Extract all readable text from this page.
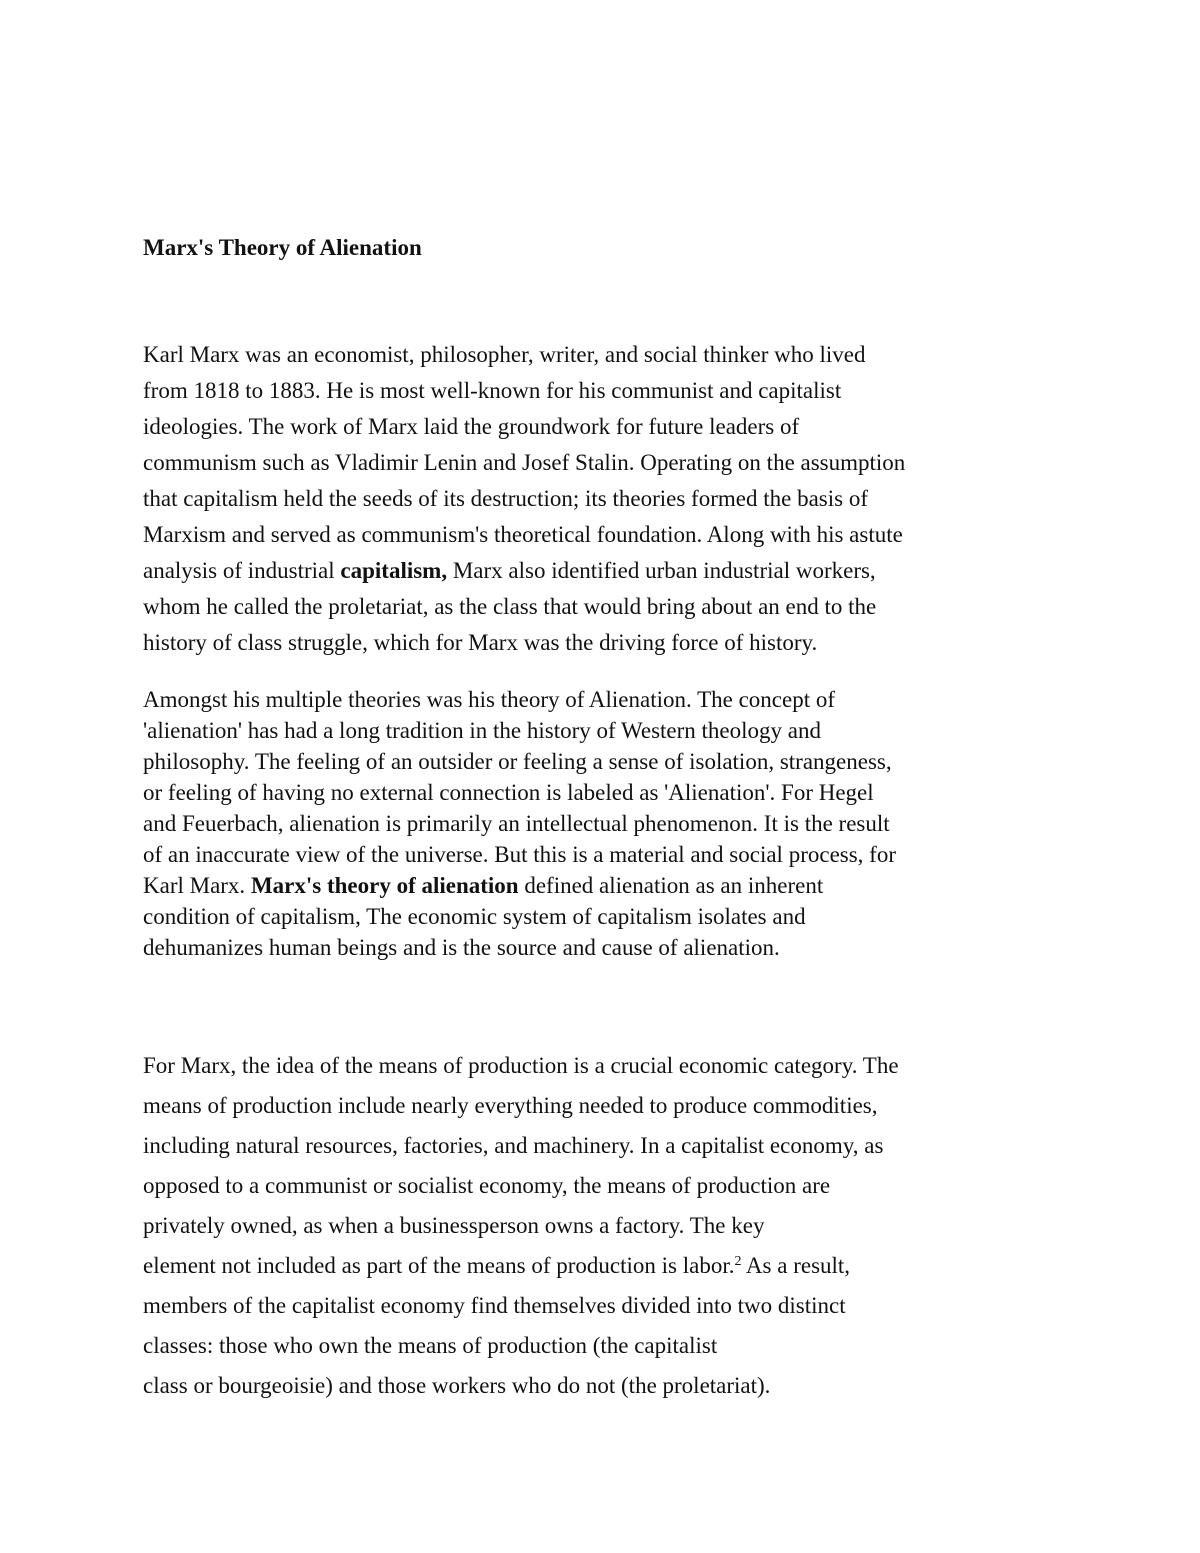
Marx's Theory of Alienation

Karl Marx was an economist, philosopher, writer, and social thinker who lived
from 1818 to 1883. He is most well-known for his communist and capitalist
ideologies. The work of Marx laid the groundwork for future leaders of
communism such as Vladimir Lenin and Josef Stalin. Operating on the assumption
that capitalism held the seeds of its destruction; its theories formed the basis of
Marxism and served as communism's theoretical foundation. Along with his astute
analysis of industrial capitalism, Marx also identified urban industrial workers,
whom he called the proletariat, as the class that would bring about an end to the
history of class struggle, which for Marx was the driving force of history.

Amongst his multiple theories was his theory of Alienation. The concept of
'alienation' has had a long tradition in the history of Western theology and
philosophy. The feeling of an outsider or feeling a sense of isolation, strangeness,
or feeling of having no external connection is labeled as 'Alienation'. For Hegel
and Feuerbach, alienation is primarily an intellectual phenomenon. It is the result
of an inaccurate view of the universe. But this is a material and social process, for
Karl Marx. Marx's theory of alienation defined alienation as an inherent
condition of capitalism, The economic system of capitalism isolates and
dehumanizes human beings and is the source and cause of alienation.

For Marx, the idea of the means of production is a crucial economic category. The
means of production include nearly everything needed to produce commodities,
including natural resources, factories, and machinery. In a capitalist economy, as
opposed to a communist or socialist economy, the means of production are
privately owned, as when a businessperson owns a factory. The key
element not included as part of the means of production is labor.$^2$ As a result,
members of the capitalist economy find themselves divided into two distinct
classes: those who own the means of production (the capitalist
class or bourgeoisie) and those workers who do not (the proletariat).
